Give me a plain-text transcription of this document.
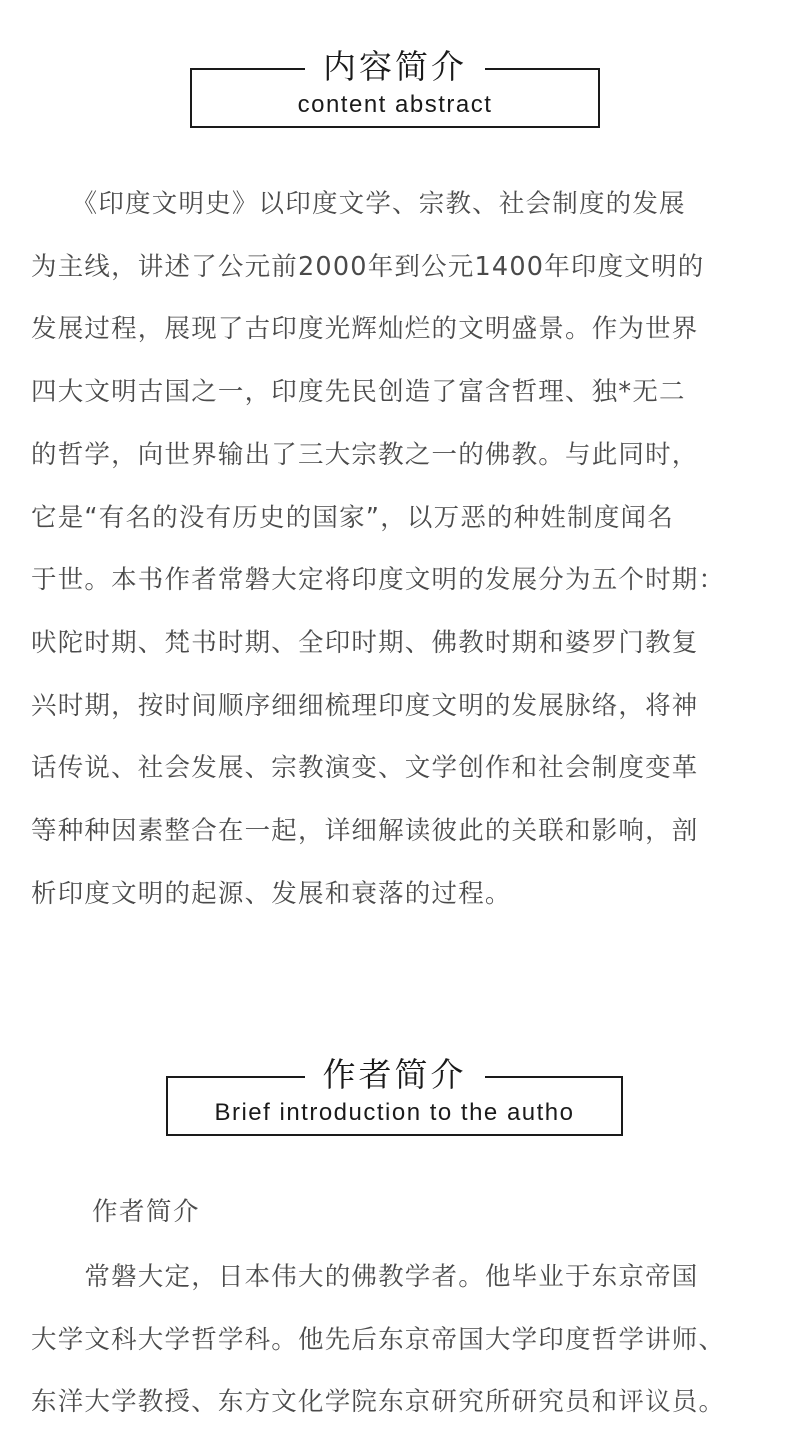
内容简介
content abstract
　　《印度文明史》以印度文学、宗教、社会制度的发展
为主线，讲述了公元前2000年到公元1400年印度文明的
发展过程，展现了古印度光辉灿烂的文明盛景。作为世界
四大文明古国之一，印度先民创造了富含哲理、独*无二
的哲学，向世界输出了三大宗教之一的佛教。与此同时，
它是“有名的没有历史的国家”，以万恶的种姓制度闻名
于世。本书作者常磐大定将印度文明的发展分为五个时期：
吠陀时期、梵书时期、全印时期、佛教时期和婆罗门教复
兴时期，按时间顺序细细梳理印度文明的发展脉络，将神
话传说、社会发展、宗教演变、文学创作和社会制度变革
等种种因素整合在一起，详细解读彼此的关联和影响，剖
析印度文明的起源、发展和衰落的过程。
作者简介
Brief introduction to the autho

作者简介

　　常磐大定，日本伟大的佛教学者。他毕业于东京帝国
大学文科大学哲学科。他先后东京帝国大学印度哲学讲师、
东洋大学教授、东方文化学院东京研究所研究员和评议员。
